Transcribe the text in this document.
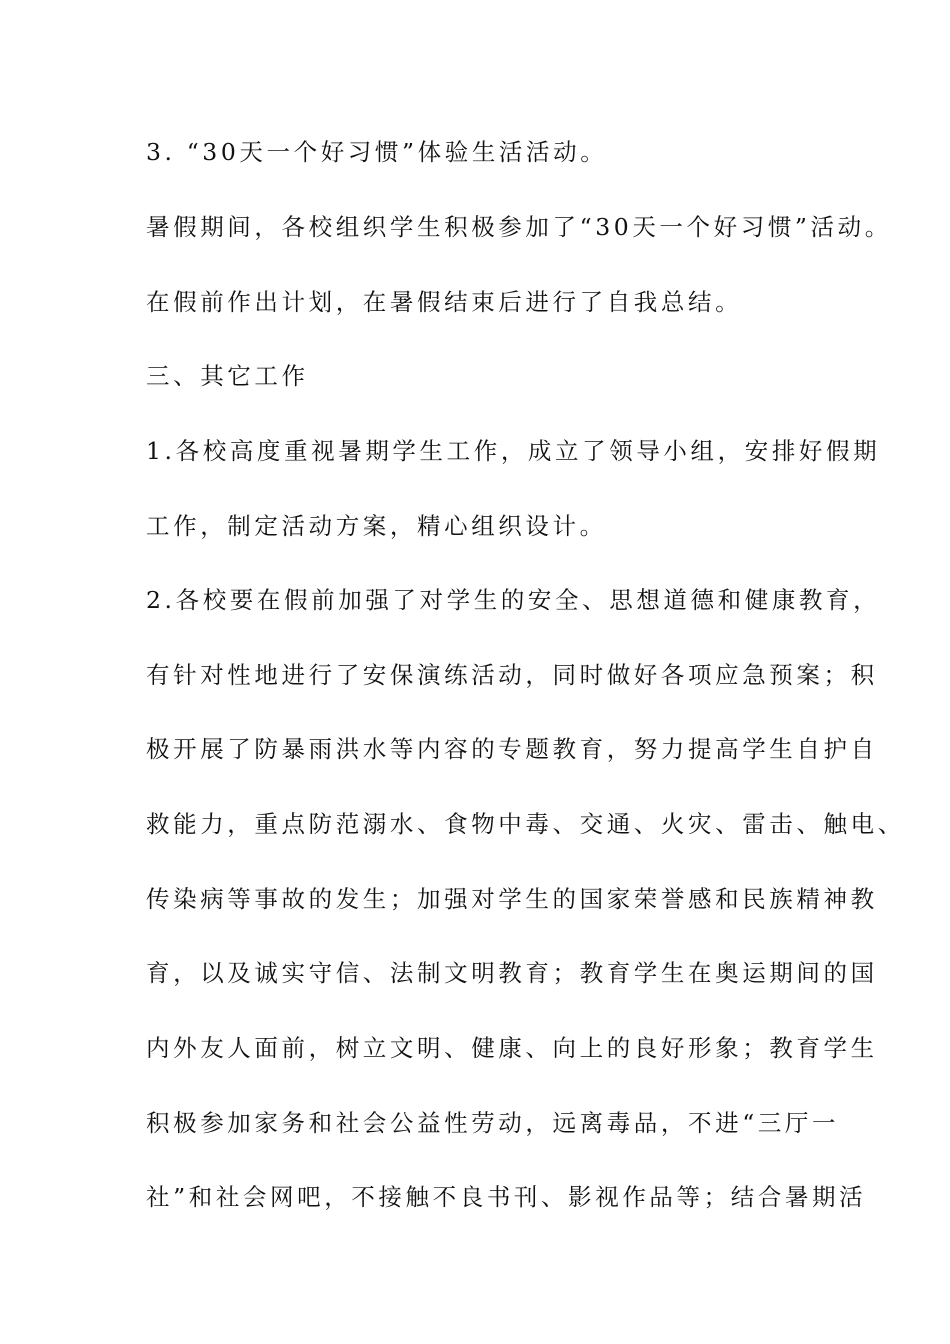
3. “30天一个好习惯”体验生活活动。
暑假期间，各校组织学生积极参加了“30天一个好习惯”活动。
在假前作出计划，在暑假结束后进行了自我总结。
三、其它工作
1.各校高度重视暑期学生工作，成立了领导小组，安排好假期
工作，制定活动方案，精心组织设计。
2.各校要在假前加强了对学生的安全、思想道德和健康教育，
有针对性地进行了安保演练活动，同时做好各项应急预案；积
极开展了防暴雨洪水等内容的专题教育，努力提高学生自护自
救能力，重点防范溺水、食物中毒、交通、火灾、雷击、触电、
传染病等事故的发生；加强对学生的国家荣誉感和民族精神教
育，以及诚实守信、法制文明教育；教育学生在奥运期间的国
内外友人面前，树立文明、健康、向上的良好形象；教育学生
积极参加家务和社会公益性劳动，远离毒品，不进“三厅一
社”和社会网吧，不接触不良书刊、影视作品等；结合暑期活
